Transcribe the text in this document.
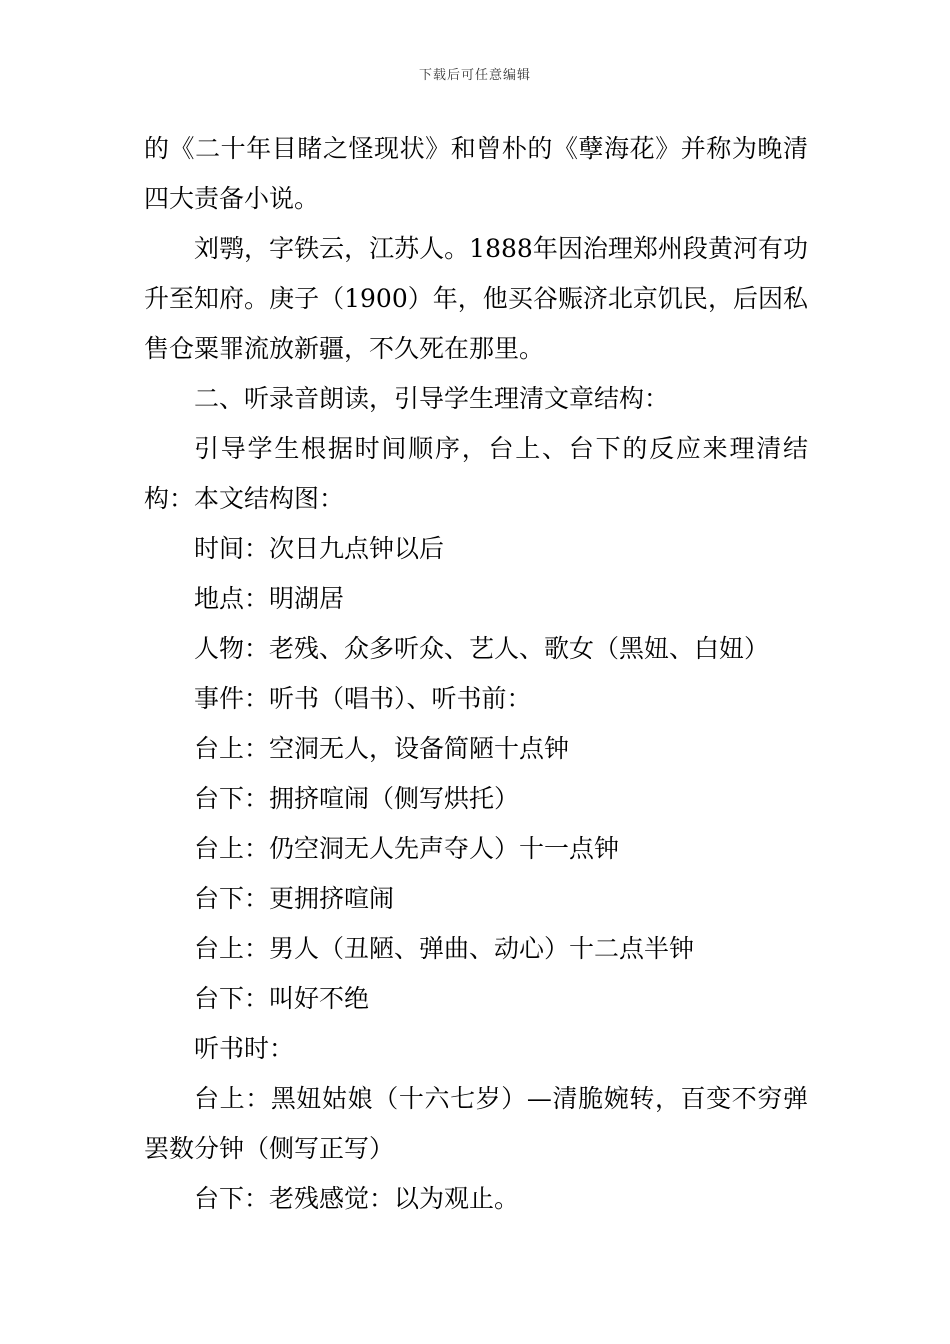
下载后可任意编辑

的《二十年目睹之怪现状》和曾朴的《孽海花》并称为晚清四大责备小说。

刘鹗，字铁云，江苏人。1888年因治理郑州段黄河有功升至知府。庚子（1900）年，他买谷赈济北京饥民，后因私售仓粟罪流放新疆，不久死在那里。

二、听录音朗读，引导学生理清文章结构：

引导学生根据时间顺序，台上、台下的反应来理清结构：本文结构图：

时间：次日九点钟以后

地点：明湖居

人物：老残、众多听众、艺人、歌女（黑妞、白妞）

事件：听书（唱书）、听书前：

台上：空洞无人，设备简陋十点钟

台下：拥挤喧闹（侧写烘托）

台上：仍空洞无人先声夺人）十一点钟

台下：更拥挤喧闹

台上：男人（丑陋、弹曲、动心）十二点半钟

台下：叫好不绝

听书时：

台上：黑妞姑娘（十六七岁）—清脆婉转，百变不穷弹罢数分钟（侧写正写）

台下：老残感觉：以为观止。
